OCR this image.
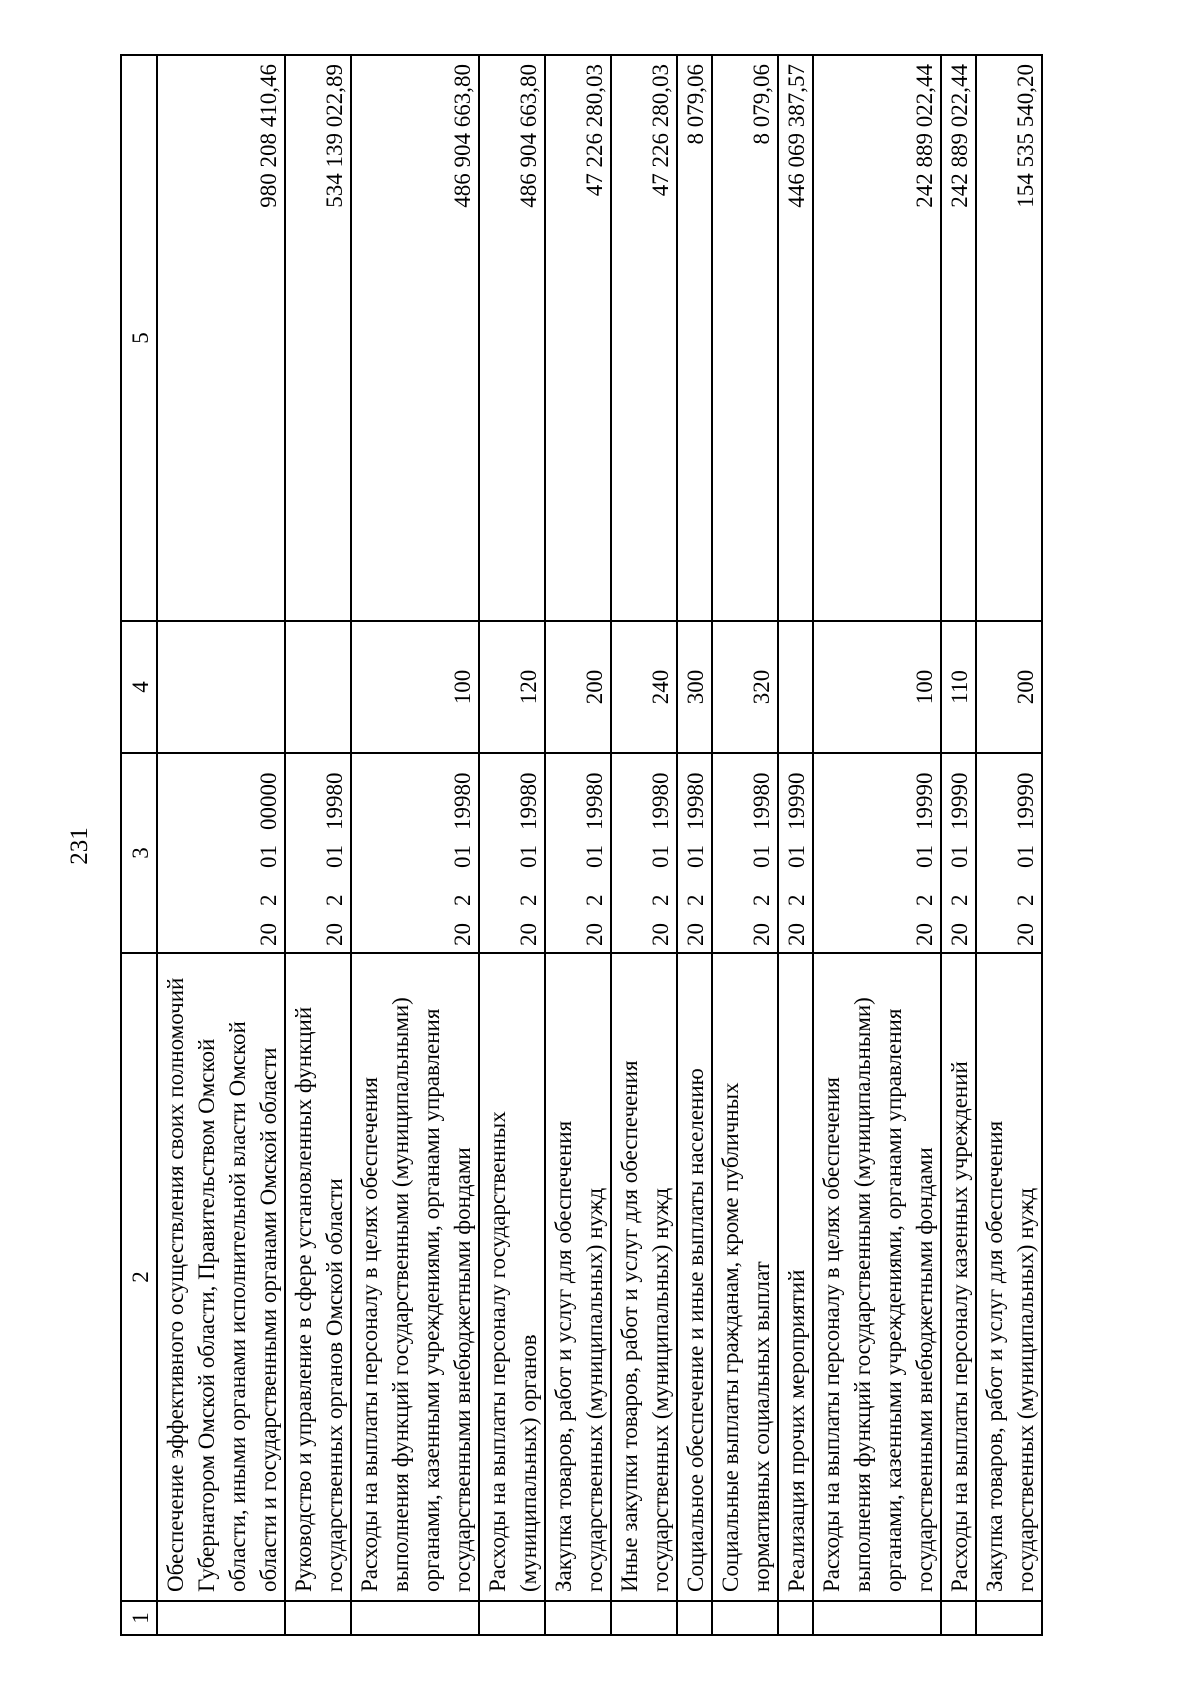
231
1	2	3	4	5
	Обеспечение эффективного осуществления своих полномочий Губернатором Омской области, Правительством Омской области, иными органами исполнительной власти Омской области и государственными органами Омской области	2020100000		980 208 410,46
	Руководство и управление в сфере установленных функций государственных органов Омской области	2020119980		534 139 022,89
	Расходы на выплаты персоналу в целях обеспечения выполнения функций государственными (муниципальными) органами, казенными учреждениями, органами управления государственными внебюджетными фондами	2020119980	100	486 904 663,80
	Расходы на выплаты персоналу государственных (муниципальных) органов	2020119980	120	486 904 663,80
	Закупка товаров, работ и услуг для обеспечения государственных (муниципальных) нужд	2020119980	200	47 226 280,03
	Иные закупки товаров, работ и услуг для обеспечения государственных (муниципальных) нужд	2020119980	240	47 226 280,03
	Социальное обеспечение и иные выплаты населению	2020119980	300	8 079,06
	Социальные выплаты гражданам, кроме публичных нормативных социальных выплат	2020119980	320	8 079,06
	Реализация прочих мероприятий	2020119990		446 069 387,57
	Расходы на выплаты персоналу в целях обеспечения выполнения функций государственными (муниципальными) органами, казенными учреждениями, органами управления государственными внебюджетными фондами	2020119990	100	242 889 022,44
	Расходы на выплаты персоналу казенных учреждений	2020119990	110	242 889 022,44
	Закупка товаров, работ и услуг для обеспечения государственных (муниципальных) нужд	2020119990	200	154 535 540,20
